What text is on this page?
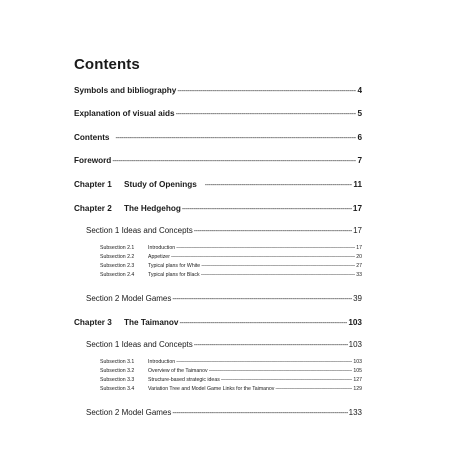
Contents
Symbols and bibliography -----	4
Explanation of visual aids -----	5
Contents -----	6
Foreword -----	7
Chapter 1	Study of Openings -----	11
Chapter 2	The Hedgehog -----	17
Section 1 Ideas and Concepts -----	17
Subsection 2.1	Introduction -----	17
Subsection 2.2	Appetizer -----	20
Subsection 2.3	Typical plans for White -----	27
Subsection 2.4	Typical plans for Black -----	33
Section 2 Model Games -----	39
Chapter 3	The Taimanov -----	103
Section 1 Ideas and Concepts -----	103
Subsection 3.1	Introduction -----	103
Subsection 3.2	Overview of the Taimanov -----	105
Subsection 3.3	Structure-based strategic ideas -----	127
Subsection 3.4	Variation Tree and Model Game Links for the Taimanov -----	129
Section 2 Model Games -----	133
